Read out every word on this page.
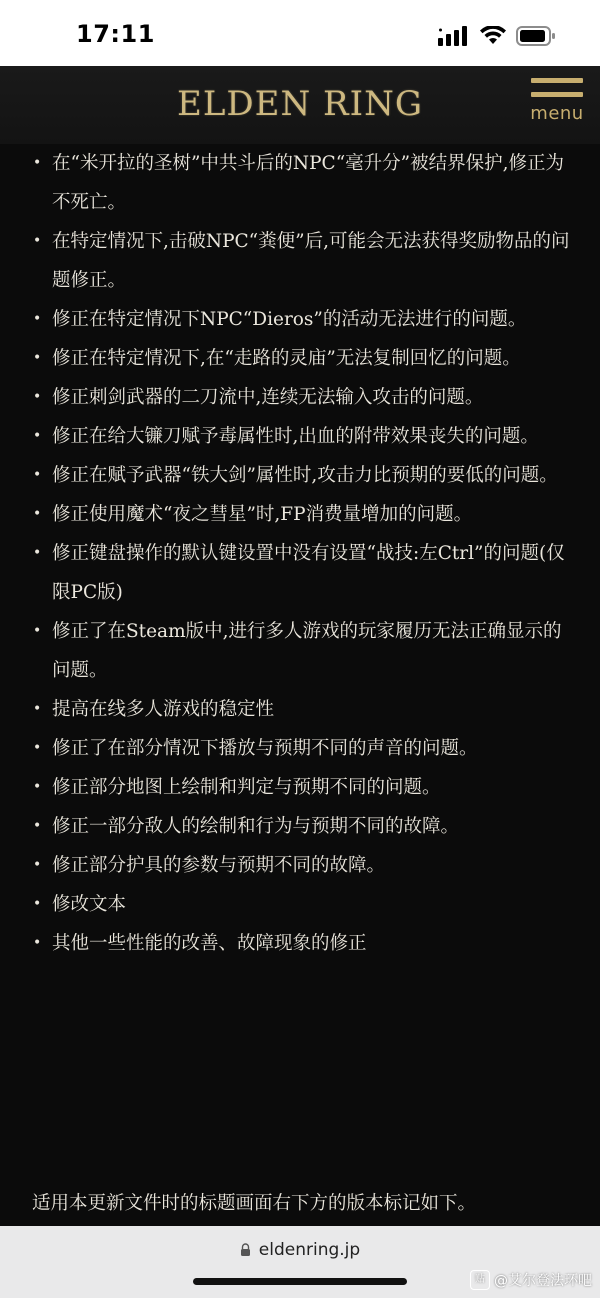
17:11
ELDEN RING	menu
• 在“米开拉的圣树”中共斗后的NPC“毫升分”被结界保护,修正为不死亡。
• 在特定情况下,击破NPC“粪便”后,可能会无法获得奖励物品的问题修正。
• 修正在特定情况下NPC“Dieros”的活动无法进行的问题。
• 修正在特定情况下,在“走路的灵庙”无法复制回忆的问题。
• 修正刺剑武器的二刀流中,连续无法输入攻击的问题。
• 修正在给大镰刀赋予毒属性时,出血的附带效果丧失的问题。
• 修正在赋予武器“铁大剑”属性时,攻击力比预期的要低的问题。
• 修正使用魔术“夜之彗星”时,FP消费量增加的问题。
• 修正键盘操作的默认键设置中没有设置“战技:左Ctrl”的问题(仅限PC版)
• 修正了在Steam版中,进行多人游戏的玩家履历无法正确显示的问题。
• 提高在线多人游戏的稳定性
• 修正了在部分情况下播放与预期不同的声音的问题。
• 修正部分地图上绘制和判定与预期不同的问题。
• 修正一部分敌人的绘制和行为与预期不同的故障。
• 修正部分护具的参数与预期不同的故障。
• 修改文本
• 其他一些性能的改善、故障现象的修正
适用本更新文件时的标题画面右下方的版本标记如下。
eldenring.jp
贴 @艾尔登法环吧
